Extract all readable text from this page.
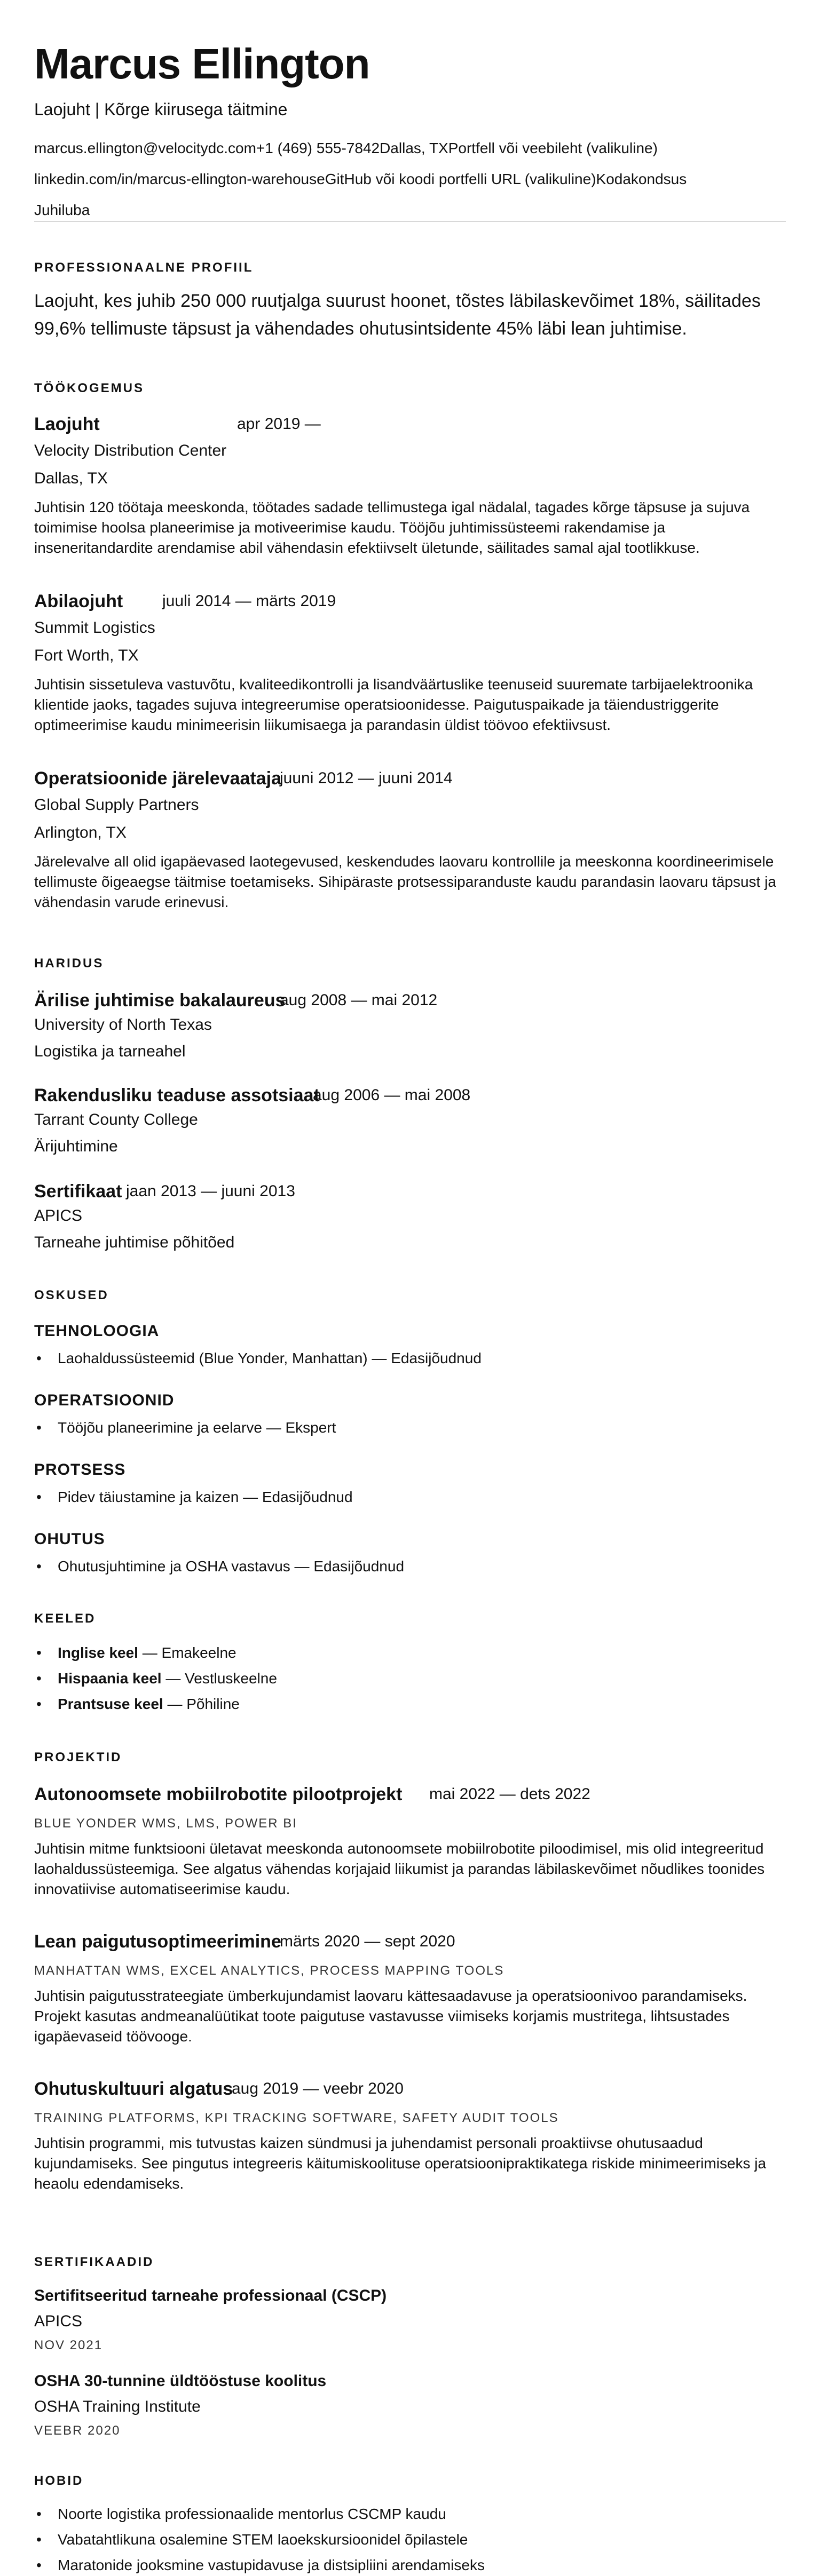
Marcus Ellington
Laojuht | Kõrge kiirusega täitmine
marcus.ellington@velocitydc.com+1 (469) 555-7842Dallas, TXPortfell või veebileht (valikuline)
linkedin.com/in/marcus-ellington-warehouseGitHub või koodi portfelli URL (valikuline)Kodakondsus
Juhiluba
PROFESSIONAALNE PROFIIL

Laojuht, kes juhib 250 000 ruutjalga suurust hoonet, tõstes läbilaskevõimet 18%, säilitades 99,6% tellimuste täpsust ja vähendades ohutusintsidente 45% läbi lean juhtimise.

TÖÖKOGEMUS
Laojuht	apr 2019 —
Velocity Distribution Center
Dallas, TX

Juhtisin 120 töötaja meeskonda, töötades sadade tellimustega igal nädalal, tagades kõrge täpsuse ja sujuva toimimise hoolsa planeerimise ja motiveerimise kaudu. Tööjõu juhtimissüsteemi rakendamise ja inseneritandardite arendamise abil vähendasin efektiivselt ületunde, säilitades samal ajal tootlikkuse.

Abilaojuht juuli 2014 — märts 2019
Summit Logistics
Fort Worth, TX

Juhtisin sissetuleva vastuvõtu, kvaliteedikontrolli ja lisandväärtuslike teenuseid suuremate tarbijaelektroonika klientide jaoks, tagades sujuva integreerumise operatsioonidesse. Paigutuspaikade ja täiendustriggerite optimeerimise kaudu minimeerisin liikumisaega ja parandasin üldist töövoo efektiivsust.

Operatsioonide järelevaataja
juuni 2012 — juuni 2014
Global Supply Partners
Arlington, TX

Järelevalve all olid igapäevased laotegevused, keskendudes laovaru kontrollile ja meeskonna koordineerimisele tellimuste õigeaegse täitmise toetamiseks. Sihipäraste protsessiparanduste kaudu parandasin laovaru täpsust ja vähendasin varude erinevusi.

HARIDUS
Ärilise juhtimise bakalaureus
aug 2008 — mai 2012
University of North Texas
Logistika ja tarneahel
Rakendusliku teaduse assotsiaat
aug 2006 — mai 2008
Tarrant County College
Ärijuhtimine
Sertifikaat jaan 2013 — juuni 2013
APICS
Tarneahe juhtimise põhitõed
OSKUSED
TEHNOLOOGIA
• Laohaldussüsteemid (Blue Yonder, Manhattan) — Edasijõudnud
OPERATSIOONID
• Tööjõu planeerimine ja eelarve — Ekspert
PROTSESS
• Pidev täiustamine ja kaizen — Edasijõudnud
OHUTUS
• Ohutusjuhtimine ja OSHA vastavus — Edasijõudnud
KEELED
• Inglise keel — Emakeelne
• Hispaania keel — Vestluskeelne
• Prantsuse keel — Põhiline
PROJEKTID
Autonoomsete mobiilrobotite pilootprojekt mai 2022 — dets 2022
BLUE YONDER WMS, LMS, POWER BI

Juhtisin mitme funktsiooni ületavat meeskonda autonoomsete mobiilrobotite piloodimisel, mis olid integreeritud laohaldussüsteemiga. See algatus vähendas korjajaid liikumist ja parandas läbilaskevõimet nõudlikes toonides innovatiivise automatiseerimise kaudu.

Lean paigutusoptimeerimine
märts 2020 — sept 2020
MANHATTAN WMS, EXCEL ANALYTICS, PROCESS MAPPING TOOLS

Juhtisin paigutusstrateegiate ümberkujundamist laovaru kättesaadavuse ja operatsioonivoo parandamiseks. Projekt kasutas andmeanalüütikat toote paigutuse vastavusse viimiseks korjamis mustritega, lihtsustades igapäevaseid töövooge.

Ohutuskultuuri algatus
aug 2019 — veebr 2020
TRAINING PLATFORMS, KPI TRACKING SOFTWARE, SAFETY AUDIT TOOLS

Juhtisin programmi, mis tutvustas kaizen sündmusi ja juhendamist personali proaktiivse ohutusaadud kujundamiseks. See pingutus integreeris käitumiskoolituse operatsioonipraktikatega riskide minimeerimiseks ja heaolu edendamiseks.

SERTIFIKAADID
Sertifitseeritud tarneahe professionaal (CSCP)
APICS
NOV 2021
OSHA 30-tunnine üldtööstuse koolitus
OSHA Training Institute
VEEBR 2020
HOBID
• Noorte logistika professionaalide mentorlus CSCMP kaudu
• Vabatahtlikuna osalemine STEM laoekskursioonidel õpilastele
• Maratonide jooksmine vastupidavuse ja distsipliini arendamiseks
